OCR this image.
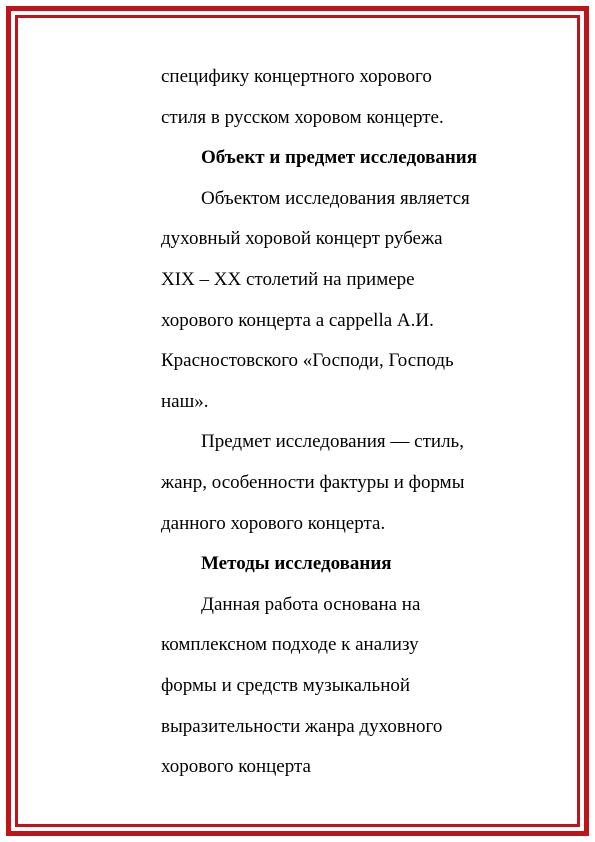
специфику концертного хорового
стиля в русском хоровом концерте.
Объект и предмет исследования
Объектом исследования является
духовный хоровой концерт рубежа
XIX – XX столетий на примере
хорового концерта а cappella А.И.
Красностовского «Господи, Господь
наш».
Предмет исследования — стиль,
жанр, особенности фактуры и формы
данного хорового концерта.
Методы исследования
Данная работа основана на
комплексном подходе к анализу
формы и средств музыкальной
выразительности жанра духовного
хорового концерта
